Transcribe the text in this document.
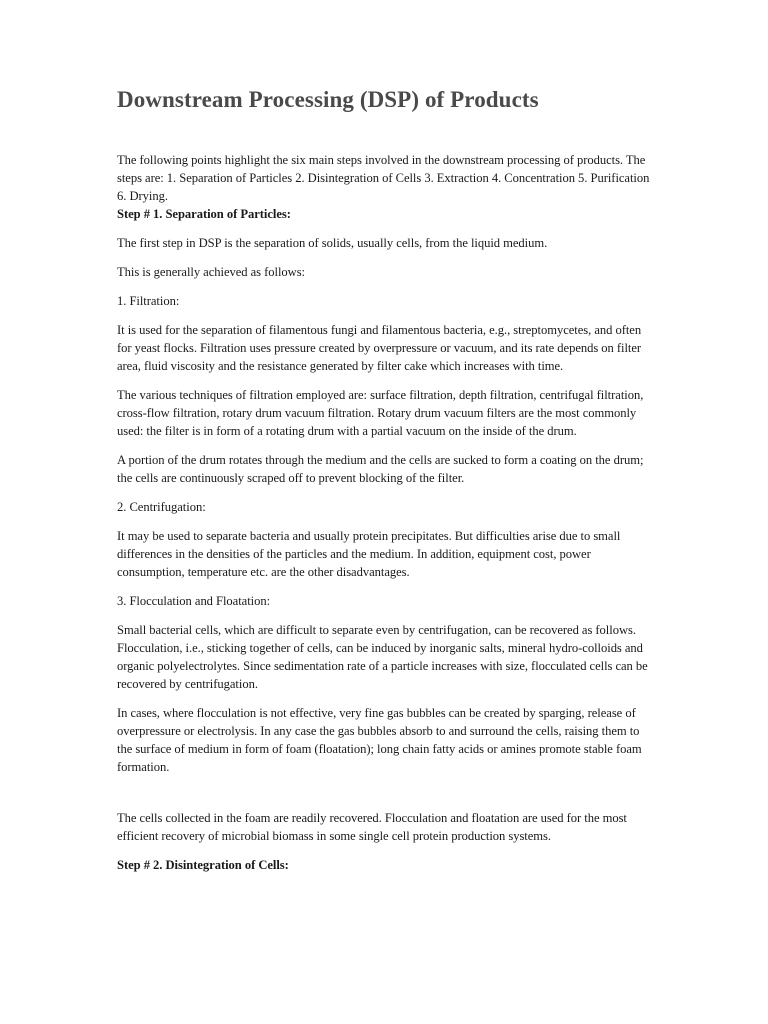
Downstream Processing (DSP) of Products

The following points highlight the six main steps involved in the downstream processing of products. The steps are: 1. Separation of Particles 2. Disintegration of Cells 3. Extraction 4. Concentration 5. Purification 6. Drying.

Step # 1. Separation of Particles:

The first step in DSP is the separation of solids, usually cells, from the liquid medium.

This is generally achieved as follows:

1. Filtration:

It is used for the separation of filamentous fungi and filamentous bacteria, e.g., streptomycetes, and often for yeast flocks. Filtration uses pressure created by overpressure or vacuum, and its rate depends on filter area, fluid viscosity and the resistance generated by filter cake which increases with time.

The various techniques of filtration employed are: surface filtration, depth filtration, centrifugal filtration, cross-flow filtration, rotary drum vacuum filtration. Rotary drum vacuum filters are the most commonly used: the filter is in form of a rotating drum with a partial vacuum on the inside of the drum.

A portion of the drum rotates through the medium and the cells are sucked to form a coating on the drum; the cells are continuously scraped off to prevent blocking of the filter.

2. Centrifugation:

It may be used to separate bacteria and usually protein precipitates. But difficulties arise due to small differences in the densities of the particles and the medium. In addition, equipment cost, power consumption, temperature etc. are the other disadvantages.

3. Flocculation and Floatation:

Small bacterial cells, which are difficult to separate even by centrifugation, can be recovered as follows. Flocculation, i.e., sticking together of cells, can be induced by inorganic salts, mineral hydro-colloids and organic polyelectrolytes. Since sedimentation rate of a particle increases with size, flocculated cells can be recovered by centrifugation.

In cases, where flocculation is not effective, very fine gas bubbles can be created by sparging, release of overpressure or electrolysis. In any case the gas bubbles absorb to and surround the cells, raising them to the surface of medium in form of foam (floatation); long chain fatty acids or amines promote stable foam formation.

The cells collected in the foam are readily recovered. Flocculation and floatation are used for the most efficient recovery of microbial biomass in some single cell protein production systems.

Step # 2. Disintegration of Cells:
